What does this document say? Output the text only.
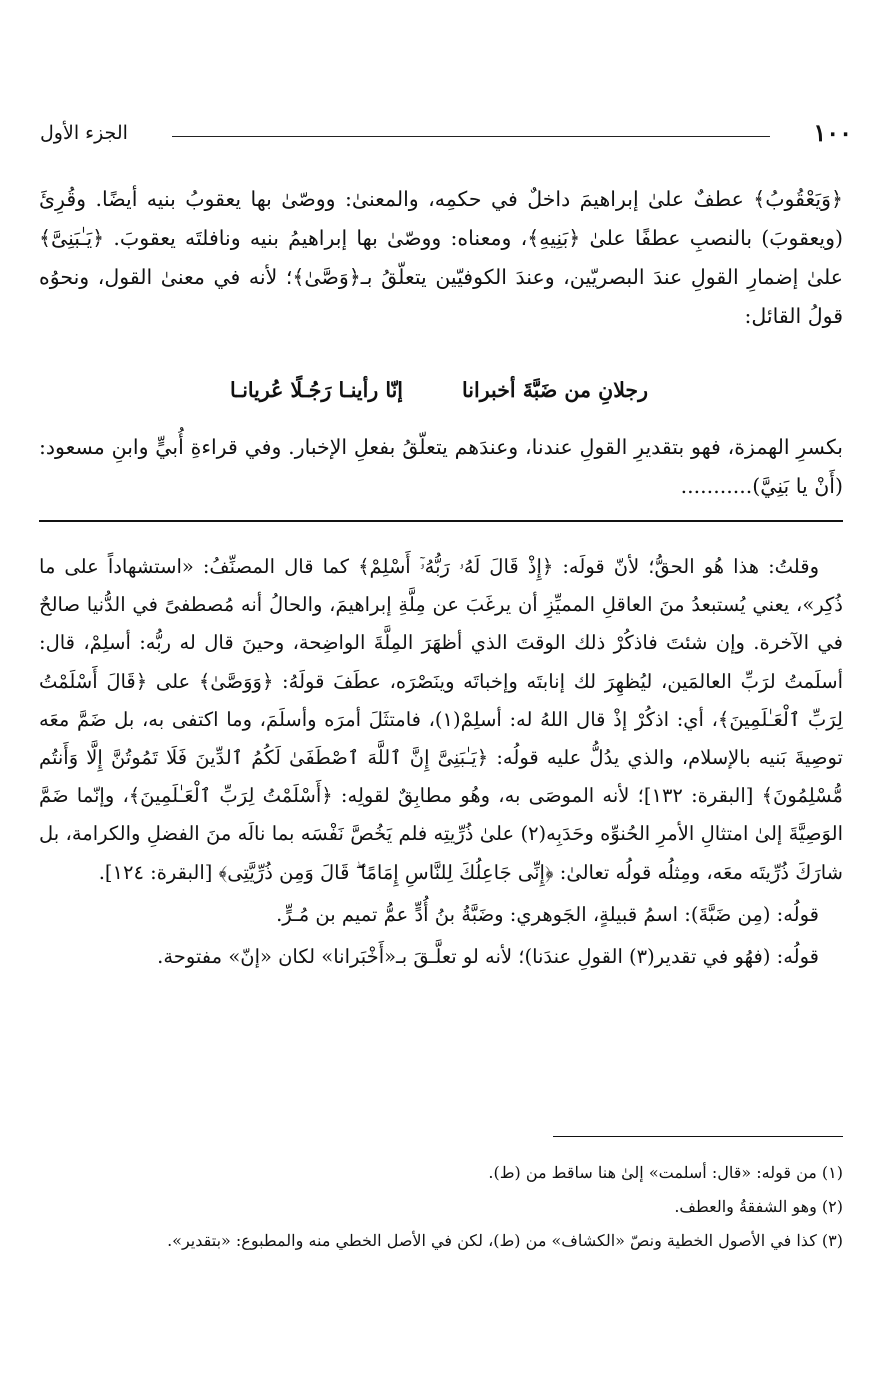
١٠٠
الجزء الأول

﴿وَيَعْقُوبُ﴾ عطفٌ علىٰ إبراهيمَ داخلٌ في حكمِه، والمعنىٰ: ووصّىٰ بها يعقوبُ بنيه أيضًا. وقُرِئَ (ويعقوبَ) بالنصبِ عطفًا علىٰ ﴿بَنِيهِ﴾، ومعناه: ووصّىٰ بها إبراهيمُ بنيه ونافلتَه يعقوبَ. ﴿يَـٰبَنِىَّ﴾ علىٰ إضمارِ القولِ عندَ البصريّين، وعندَ الكوفيّين يتعلّقُ بـ﴿وَصَّىٰ﴾؛ لأنه في معنىٰ القول، ونحوُه قولُ القائل:

رجلانِ من ضَبَّةَ أخبرانا
إنّا رأينـا رَجُـلًا عُريانـا

بكسرِ الهمزة، فهو بتقديرِ القولِ عندنا، وعندَهم يتعلّقُ بفعلِ الإخبار. وفي قراءةِ أُبيٍّ وابنِ مسعود: (أَنْ يا بَنِيَّ)...........

وقلتُ: هذا هُو الحقُّ؛ لأنّ قولَه: ﴿إِذْ قَالَ لَهُۥ رَبُّهُۥٓ أَسْلِمْ﴾ كما قال المصنِّفُ: «استشهاداً على ما ذُكِر»، يعني يُستبعدُ منَ العاقلِ المميِّزِ أن يرغَبَ عن مِلَّةِ إبراهيمَ، والحالُ أنه مُصطفىً في الدُّنيا صالحٌ في الآخرة. وإن شئتَ فاذكُرْ ذلك الوقتَ الذي أظهَرَ المِلَّةَ الواضِحة، وحينَ قال له ربُّه: أسلِمْ، قال: أسلَمتُ لرَبِّ العالمَين، ليُظهِرَ لك إنابتَه وإخباتَه وينَصْرَه، عطَفَ قولَهُ: ﴿وَوَصَّىٰ﴾ على ﴿قَالَ أَسْلَمْتُ لِرَبِّ ٱلْعَـٰلَمِينَ﴾، أي: اذكُرْ إذْ قال اللهُ له: أسلِمْ(١)، فامتثَلَ أمرَه وأسلَمَ، وما اكتفى به، بل ضَمَّ معَه توصِيةَ بَنيه بالإسلام، والذي يدُلُّ عليه قولُه: ﴿يَـٰبَنِىَّ إِنَّ ٱللَّهَ ٱصْطَفَىٰ لَكُمُ ٱلدِّينَ فَلَا تَمُوتُنَّ إِلَّا وَأَنتُم مُّسْلِمُونَ﴾ [البقرة: ١٣٢]؛ لأنه الموصَى به، وهُو مطابِقٌ لقولِه: ﴿أَسْلَمْتُ لِرَبِّ ٱلْعَـٰلَمِينَ﴾، وإنّما ضَمَّ الوَصِيَّةَ إلىٰ امتثالِ الأمرِ الحُنوِّه وحَدَبِه(٢) علىٰ ذُرِّيتِه فلم يَخُصَّ نَفْسَه بما نالَه منَ الفضلِ والكرامة، بل شارَكَ ذُرِّيتَه معَه، ومِثلُه قولُه تعالىٰ: ﴿إِنِّى جَاعِلُكَ لِلنَّاسِ إِمَامًا ۖ قَالَ وَمِن ذُرِّيَّتِى﴾ [البقرة: ١٢٤].

قولُه: (مِن ضَبَّةَ): اسمُ قبيلةٍ، الجَوهري: وضَبَّةُ بنُ أُدٍّ عمُّ تميم بن مُـرٍّ.

قولُه: (فهُو في تقدير(٣) القولِ عندَنا)؛ لأنه لو تعلَّـقَ بـ«أَخْبَرانا» لكان «إنّ» مفتوحة.

(١) من قوله: «قال: أسلمت» إلىٰ هنا ساقط من (ط).

(٢) وهو الشفقةُ والعطف.

(٣) كذا في الأصول الخطية ونصّ «الكشاف» من (ط)، لكن في الأصل الخطي منه والمطبوع: «بتقدير».
